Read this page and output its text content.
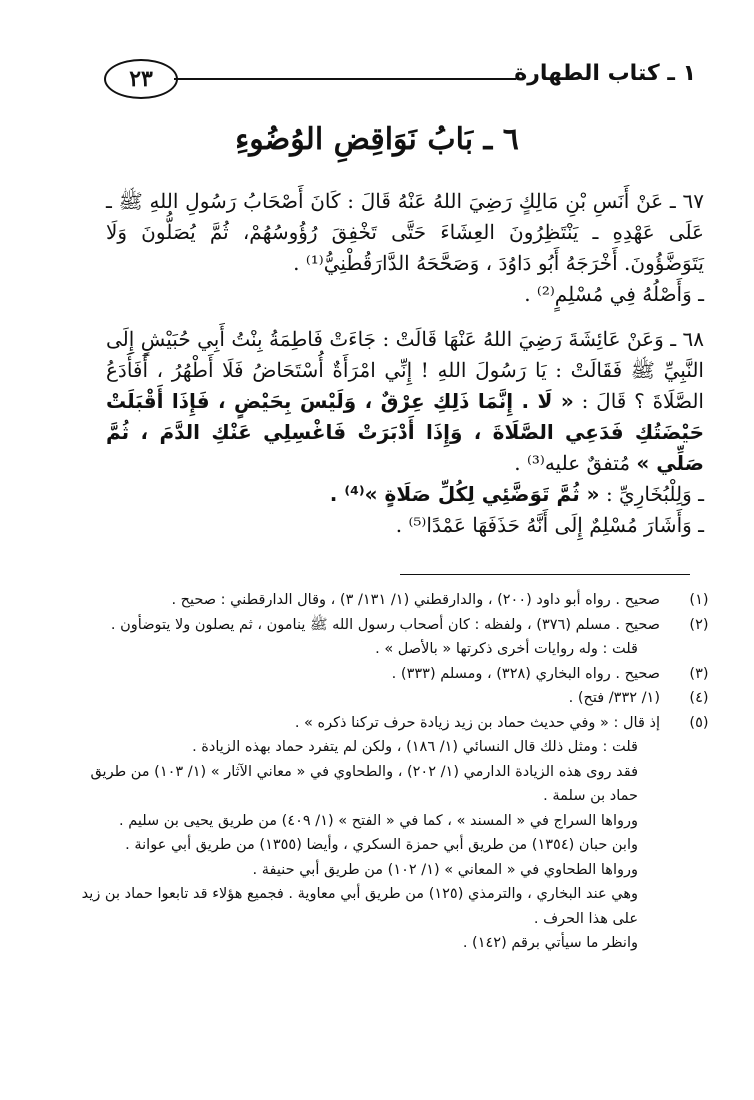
٢٣	١ ـ كتاب الطهارة
٦ ـ بَابُ نَوَاقِضِ الوُضُوءِ

٦٧ ـ عَنْ أَنَسِ بْنِ مَالِكٍ رَضِيَ اللهُ عَنْهُ قَالَ : كَانَ أَصْحَابُ رَسُولِ اللهِ ﷺ ـ عَلَى عَهْدِهِ ـ يَنْتَظِرُونَ العِشَاءَ حَتَّى تَخْفِقَ رُؤُوسُهُمْ، ثُمَّ يُصَلُّونَ وَلَا يَتَوَضَّؤُونَ. أَخْرَجَهُ أَبُو دَاوُدَ ، وَصَحَّحَهُ الدَّارَقُطْنِيُّ⁽¹⁾ .

ـ وَأَصْلُهُ فِي مُسْلِمٍ⁽²⁾ .

٦٨ ـ وَعَنْ عَائِشَةَ رَضِيَ اللهُ عَنْهَا قَالَتْ : جَاءَتْ فَاطِمَةُ بِنْتُ أَبِي حُبَيْشٍ إِلَى النَّبِيِّ ﷺ فَقَالَتْ : يَا رَسُولَ اللهِ ! إِنِّي امْرَأَةٌ أُسْتَحَاضُ فَلَا أَطْهُرُ ، أَفَأَدَعُ الصَّلَاةَ ؟ قَالَ : « لَا . إِنَّمَا ذَلِكِ عِرْقٌ ، وَلَيْسَ بِحَيْضٍ ، فَإِذَا أَقْبَلَتْ حَيْضَتُكِ فَدَعِي الصَّلَاةَ ، وَإِذَا أَدْبَرَتْ فَاغْسِلِي عَنْكِ الدَّمَ ، ثُمَّ صَلِّي » مُتفقٌ عليه⁽³⁾ .

ـ وَلِلْبُخَارِيِّ : « ثُمَّ تَوَضَّئِي لِكُلِّ صَلَاةٍ »⁽⁴⁾ .

ـ وَأَشَارَ مُسْلِمٌ إِلَى أَنَّهُ حَذَفَهَا عَمْدًا⁽⁵⁾ .

(١)
صحيح . رواه أبو داود (٢٠٠) ، والدارقطني (١/ ١٣١/ ٣) ، وقال الدارقطني : صحيح .

(٢)
صحيح . مسلم (٣٧٦) ، ولفظه : كان أصحاب رسول الله ﷺ ينامون ، ثم يصلون ولا يتوضأون .

قلت : وله روايات أخرى ذكرتها « بالأصل » .

(٣)
صحيح . رواه البخاري (٣٢٨) ، ومسلم (٣٣٣) .

(٤)
(١/ ٣٣٢/ فتح) .

(٥)
إذ قال : « وفي حديث حماد بن زيد زيادة حرف تركنا ذكره » .

قلت : ومثل ذلك قال النسائي (١/ ١٨٦) ، ولكن لم يتفرد حماد بهذه الزيادة .

فقد روى هذه الزيادة الدارمي (١/ ٢٠٢) ، والطحاوي في « معاني الآثار » (١/ ١٠٣) من طريق حماد بن سلمة .

ورواها السراج في « المسند » ، كما في « الفتح » (١/ ٤٠٩) من طريق يحيى بن سليم .

وابن حبان (١٣٥٤) من طريق أبي حمزة السكري ، وأيضا (١٣٥٥) من طريق أبي عوانة .

ورواها الطحاوي في « المعاني » (١/ ١٠٢) من طريق أبي حنيفة .

وهي عند البخاري ، والترمذي (١٢٥) من طريق أبي معاوية . فجميع هؤلاء قد تابعوا حماد بن زيد على هذا الحرف .

وانظر ما سيأتي برقم (١٤٢) .
